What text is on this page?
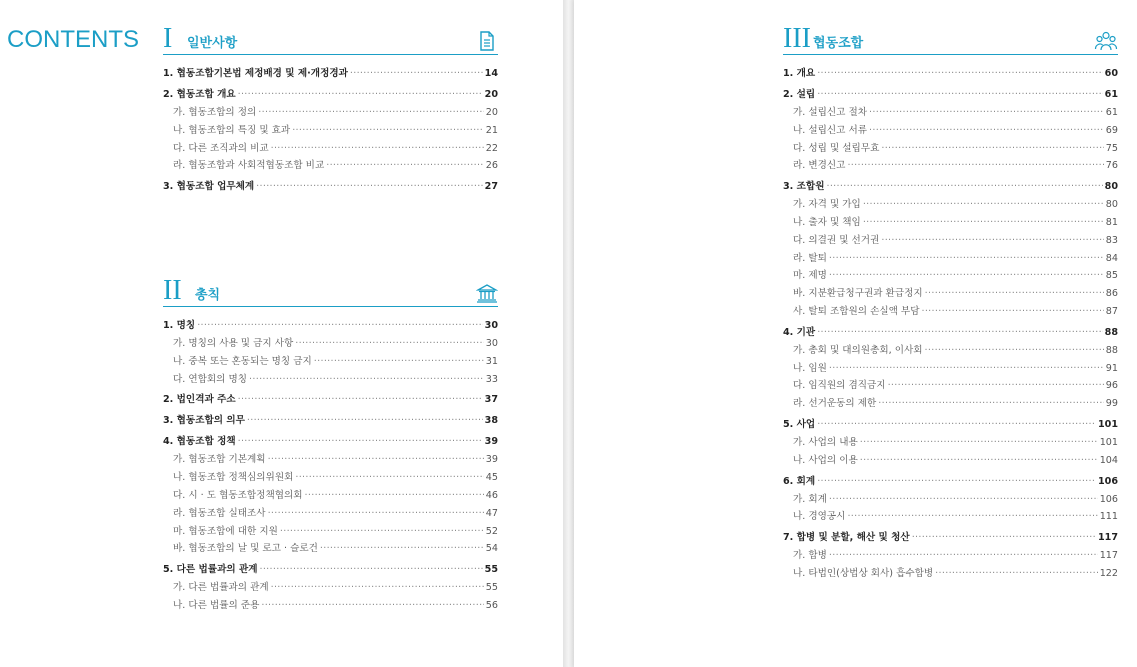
CONTENTS I 일반사항
1. 협동조합기본법 제정배경 및 제·개정경과 ·····	14
2. 협동조합 개요 ·····	20
가. 협동조합의 정의 ·····	20
나. 협동조합의 특징 및 효과 ·····	21
다. 다른 조직과의 비교 ·····	22
라. 협동조합과 사회적협동조합 비교 ·····	26
3. 협동조합 업무체계 ·····	27
II 총칙
1. 명칭 ·····	30
가. 명칭의 사용 및 금지 사항 ·····	30
나. 중복 또는 혼동되는 명칭 금지 ·····	31
다. 연합회의 명칭 ·····	33
2. 법인격과 주소 ·····	37
3. 협동조합의 의무 ·····	38
4. 협동조합 정책 ·····	39
가. 협동조합 기본계획 ·····	39
나. 협동조합 정책심의위원회 ·····	45
다. 시 · 도 협동조합정책협의회 ·····	46
라. 협동조합 실태조사 ·····	47
마. 협동조합에 대한 지원 ·····	52
바. 협동조합의 날 및 로고 · 슬로건 ·····	54
5. 다른 법률과의 관계 ·····	55
가. 다른 법률과의 관계 ·····	55
나. 다른 법률의 준용 ·····	56
III 협동조합
1. 개요 ·····	60
2. 설립 ·····	61
가. 설립신고 절차 ·····	61
나. 설립신고 서류 ·····	69
다. 성립 및 설립무효 ·····	75
라. 변경신고 ·····	76
3. 조합원 ·····	80
가. 자격 및 가입 ·····	80
나. 출자 및 책임 ·····	81
다. 의결권 및 선거권 ·····	83
라. 탈퇴 ·····	84
마. 제명 ·····	85
바. 지분환급청구권과 환급정지 ·····	86
사. 탈퇴 조합원의 손실액 부담 ·····	87
4. 기관 ·····	88
가. 총회 및 대의원총회, 이사회 ·····	88
나. 임원 ·····	91
다. 임직원의 겸직금지 ·····	96
라. 선거운동의 제한 ·····	99
5. 사업 ·····	101
가. 사업의 내용 ·····	101
나. 사업의 이용 ·····	104
6. 회계 ·····	106
가. 회계 ·····	106
나. 경영공시 ·····	111
7. 합병 및 분할, 해산 및 청산 ·····	117
가. 합병 ·····	117
나. 타법인(상법상 회사) 흡수합병 ·····	122
